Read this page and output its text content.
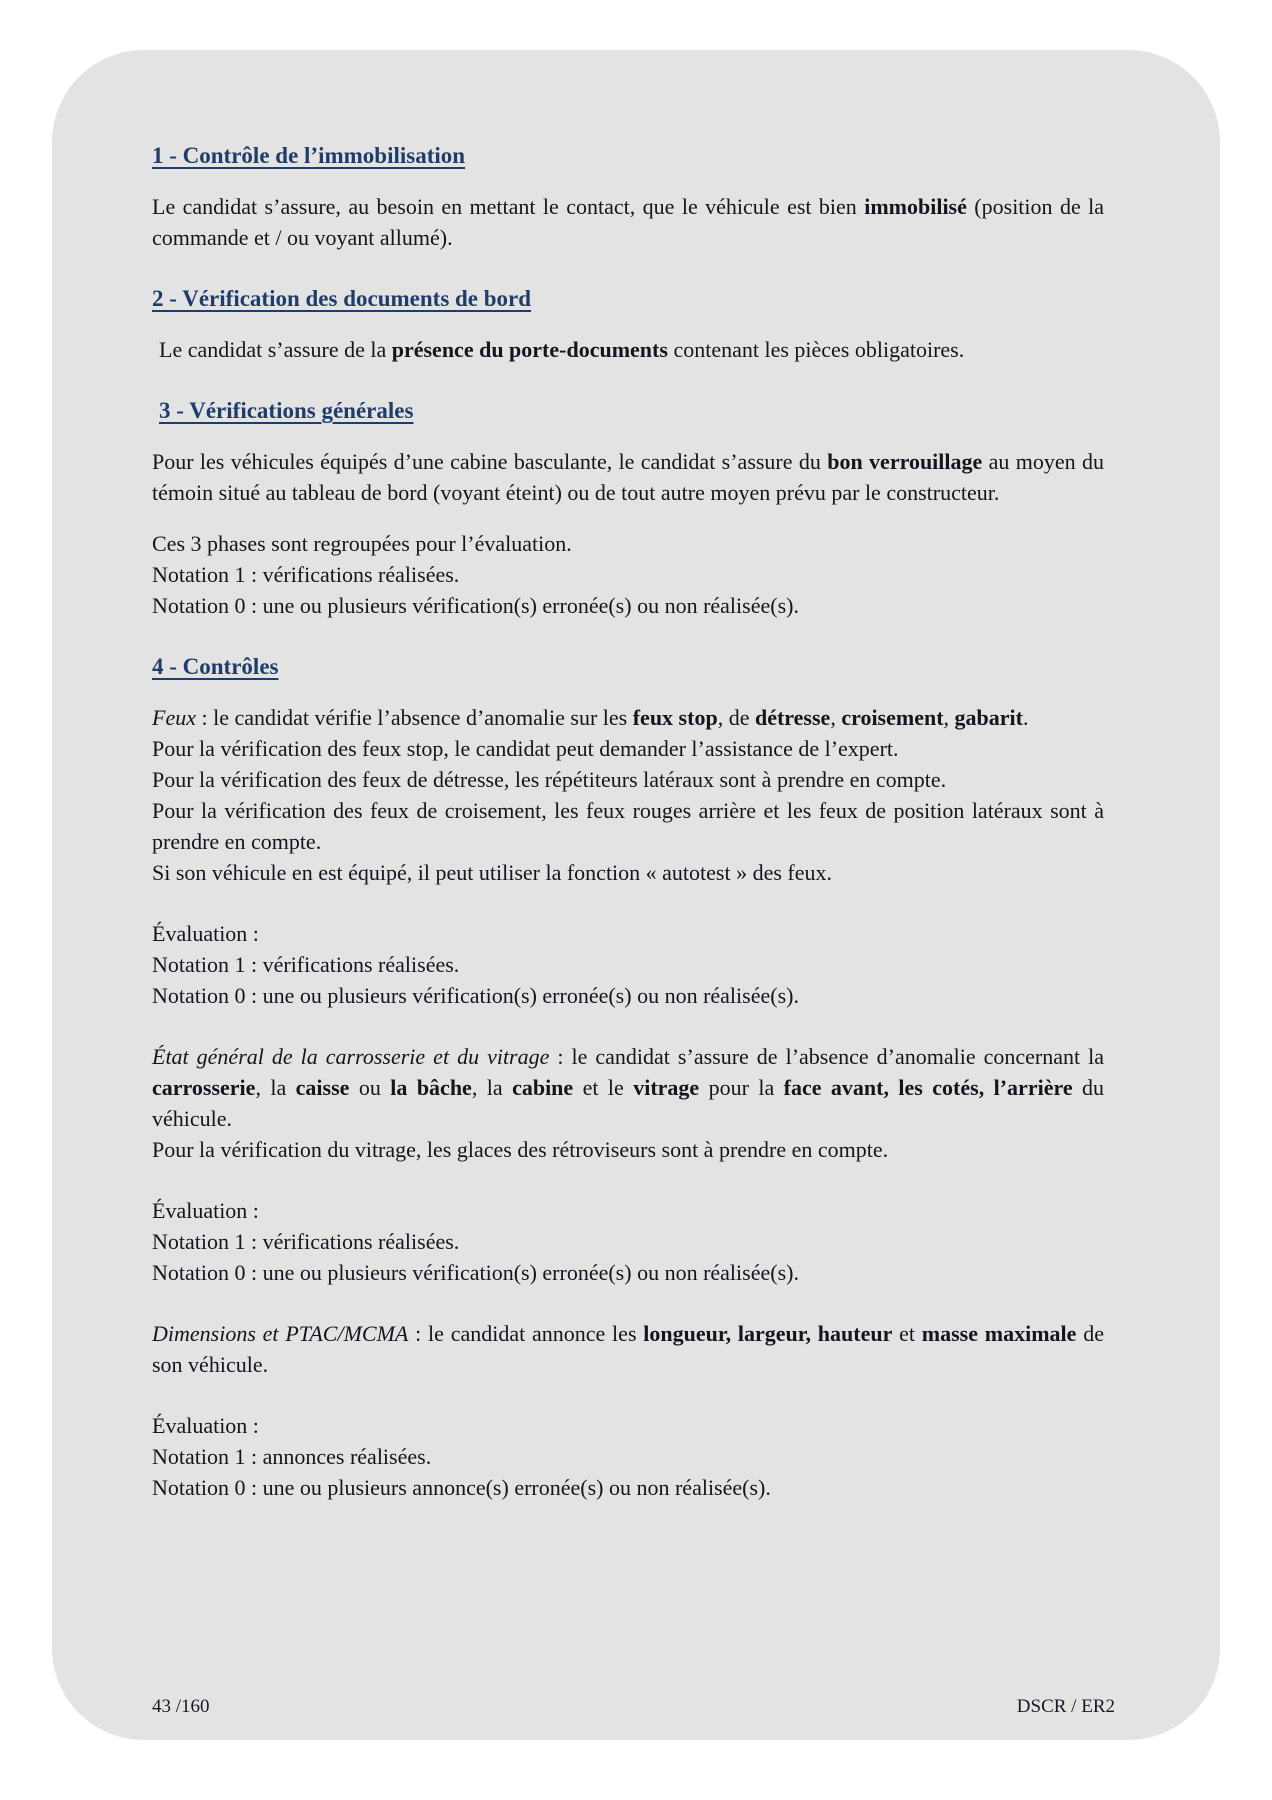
1 - Contrôle de l’immobilisation

Le candidat s’assure, au besoin en mettant le contact, que le véhicule est bien immobilisé (position de la commande et / ou voyant allumé).

2 - Vérification des documents de bord

Le candidat s’assure de la présence du porte-documents contenant les pièces obligatoires.

3 - Vérifications générales

Pour les véhicules équipés d’une cabine basculante, le candidat s’assure du bon verrouillage au moyen du témoin situé au tableau de bord (voyant éteint) ou de tout autre moyen prévu par le constructeur.

Ces 3 phases sont regroupées pour l’évaluation.
Notation 1 : vérifications réalisées.
Notation 0 : une ou plusieurs vérification(s) erronée(s) ou non réalisée(s).
4 - Contrôles
Feux : le candidat vérifie l’absence d’anomalie sur les feux stop, de détresse, croisement, gabarit.
Pour la vérification des feux stop, le candidat peut demander l’assistance de l’expert.
Pour la vérification des feux de détresse, les répétiteurs latéraux sont à prendre en compte.
Pour la vérification des feux de croisement, les feux rouges arrière et les feux de position latéraux sont à prendre en compte.
Si son véhicule en est équipé, il peut utiliser la fonction « autotest » des feux.
Évaluation :
Notation 1 : vérifications réalisées.
Notation 0 : une ou plusieurs vérification(s) erronée(s) ou non réalisée(s).
État général de la carrosserie et du vitrage : le candidat s’assure de l’absence d’anomalie concernant la carrosserie, la caisse ou la bâche, la cabine et le vitrage pour la face avant, les cotés, l’arrière du véhicule.
Pour la vérification du vitrage, les glaces des rétroviseurs sont à prendre en compte.
Évaluation :
Notation 1 : vérifications réalisées.
Notation 0 : une ou plusieurs vérification(s) erronée(s) ou non réalisée(s).
Dimensions et PTAC/MCMA : le candidat annonce les longueur, largeur, hauteur et masse maximale de son véhicule.
Évaluation :
Notation 1 : annonces réalisées.
Notation 0 : une ou plusieurs annonce(s) erronée(s) ou non réalisée(s).
43 /160	DSCR / ER2
